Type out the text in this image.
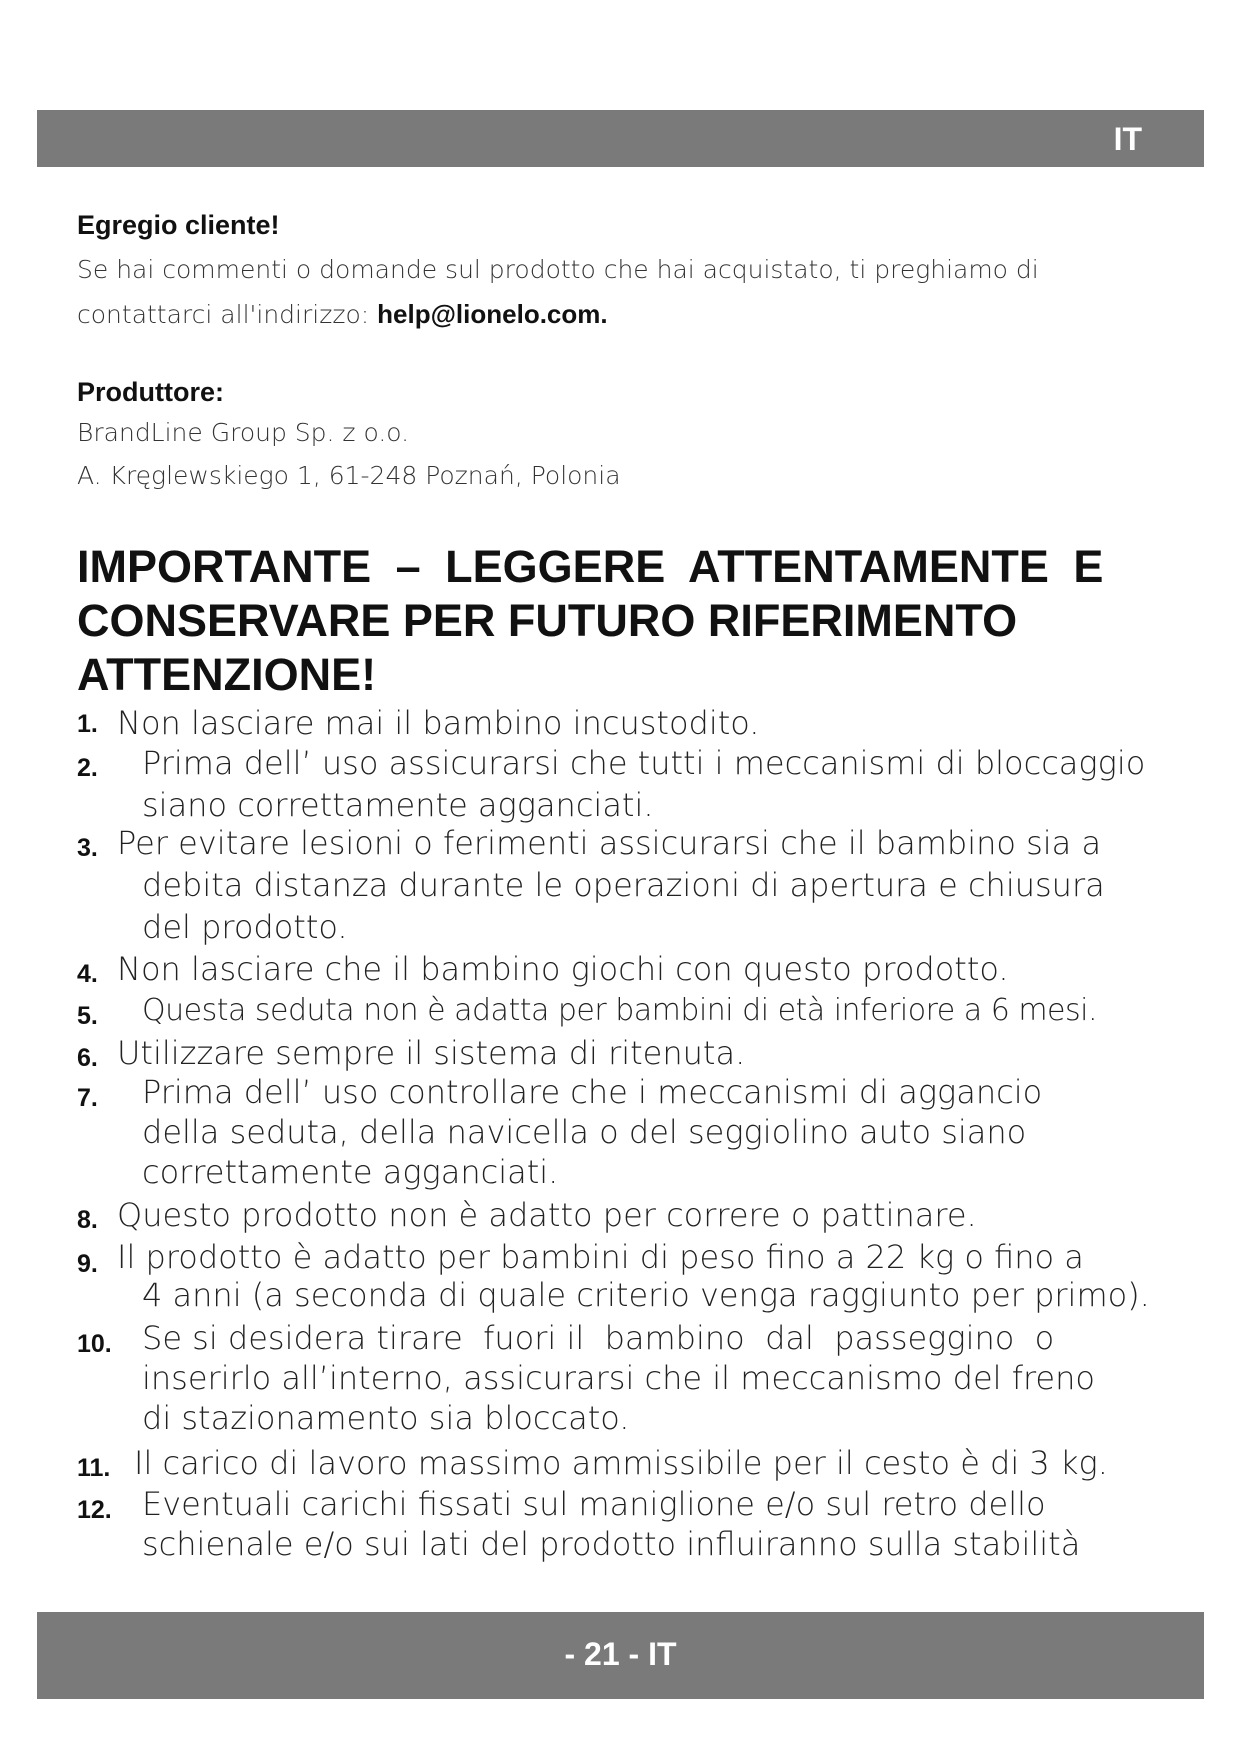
IT

Egregio cliente!

Se hai commenti o domande sul prodotto che hai acquistato, ti preghiamo di

contattarci all'indirizzo: help@lionelo.com.

Produttore:

BrandLine Group Sp. z o.o.

A. Kręglewskiego 1, 61-248 Poznań, Polonia

IMPORTANTE – LEGGERE ATTENTAMENTE E

CONSERVARE PER FUTURO RIFERIMENTO

ATTENZIONE!

1. Non lasciare mai il bambino incustodito.
2. Prima dell’ uso assicurarsi che tutti i meccanismi di bloccaggio
siano correttamente agganciati.
3. Per evitare lesioni o ferimenti assicurarsi che il bambino sia a
debita distanza durante le operazioni di apertura e chiusura
del prodotto.
4. Non lasciare che il bambino giochi con questo prodotto.
5. Questa seduta non è adatta per bambini di età inferiore a 6 mesi.
6. Utilizzare sempre il sistema di ritenuta.
7. Prima dell’ uso controllare che i meccanismi di aggancio
della seduta, della navicella o del seggiolino auto siano
correttamente agganciati.
8. Questo prodotto non è adatto per correre o pattinare.
9. Il prodotto è adatto per bambini di peso fino a 22 kg o fino a
4 anni (a seconda di quale criterio venga raggiunto per primo).
10. Se si desidera tirare  fuori il  bambino  dal  passeggino  o
inserirlo all’interno, assicurarsi che il meccanismo del freno
di stazionamento sia bloccato.
11. Il carico di lavoro massimo ammissibile per il cesto è di 3 kg.
12. Eventuali carichi fissati sul maniglione e/o sul retro dello
schienale e/o sui lati del prodotto influiranno sulla stabilità
- 21 - IT
